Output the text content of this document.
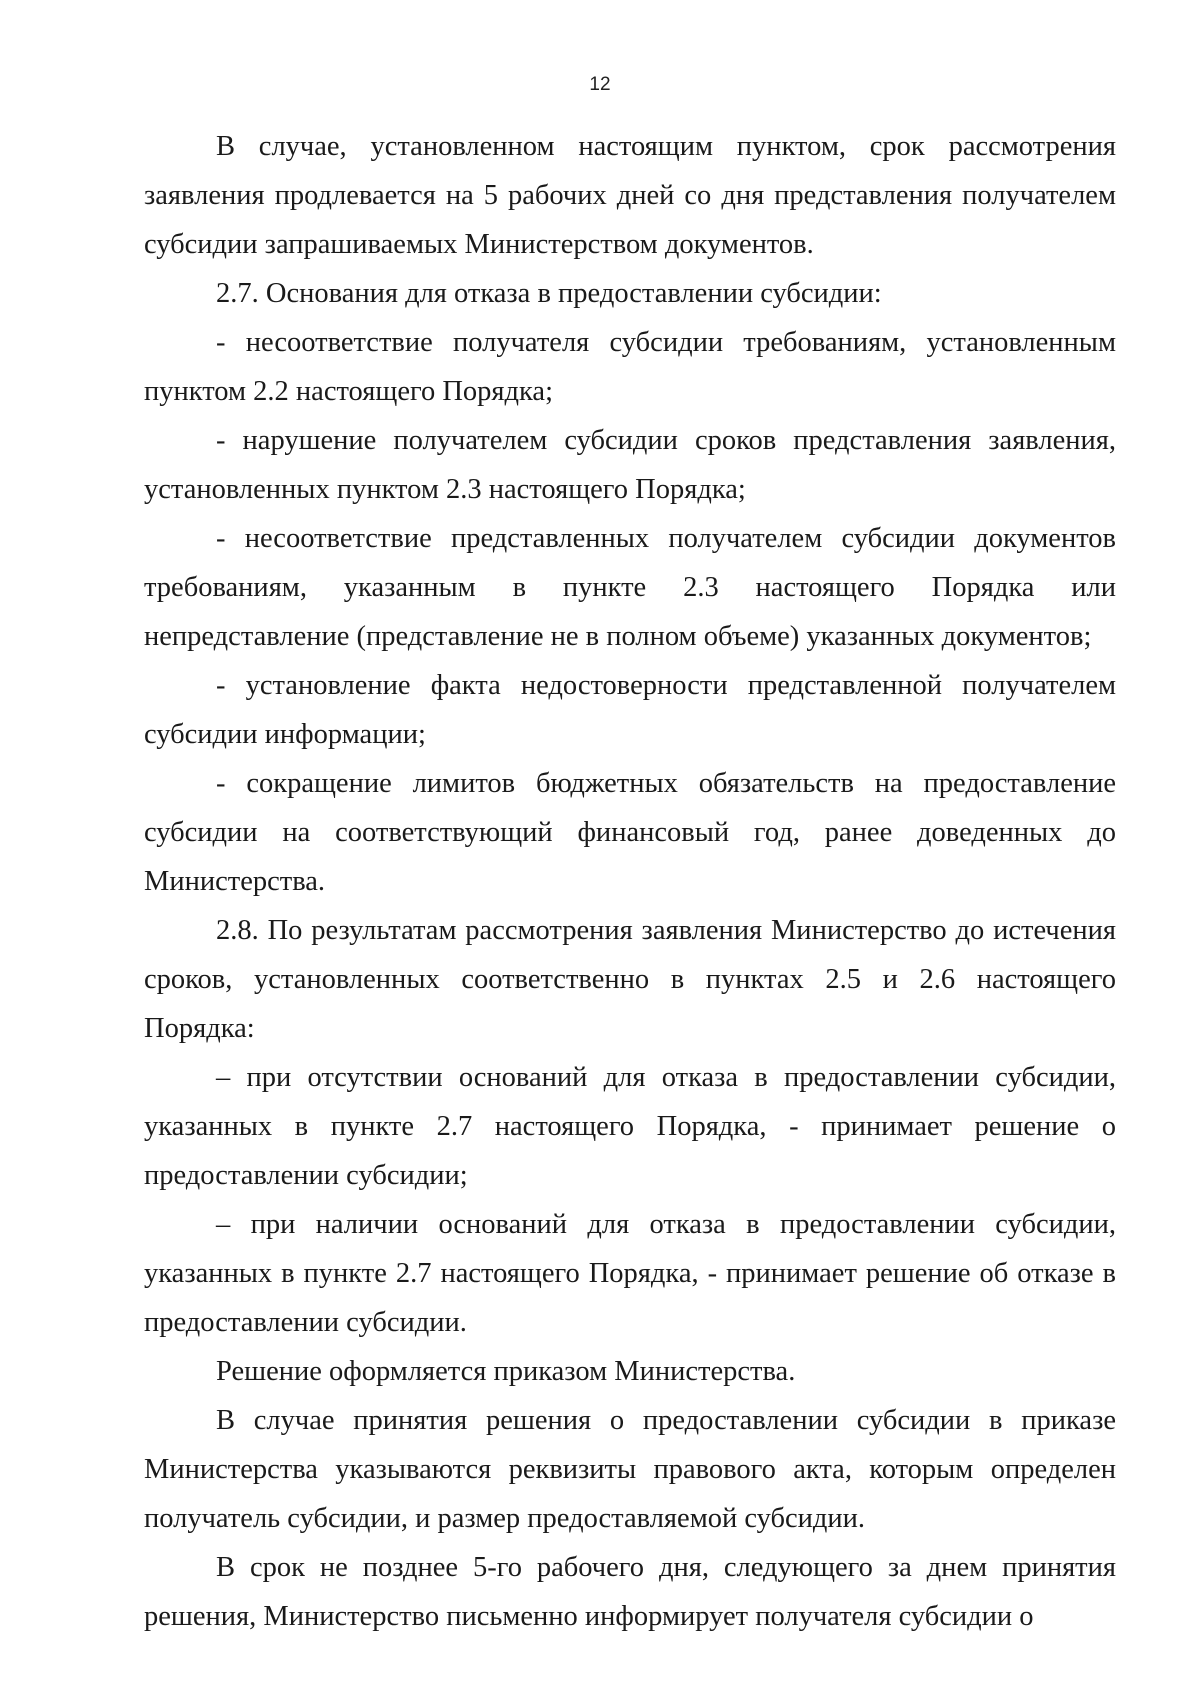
12

В случае, установленном настоящим пунктом, срок рассмотрения заявления продлевается на 5 рабочих дней со дня представления получателем субсидии запрашиваемых Министерством документов.

2.7. Основания для отказа в предоставлении субсидии:

- несоответствие получателя субсидии требованиям, установленным пунктом 2.2 настоящего Порядка;

- нарушение получателем субсидии сроков представления заявления, установленных пунктом 2.3 настоящего Порядка;

- несоответствие представленных получателем субсидии документов требованиям, указанным в пункте 2.3 настоящего Порядка или непредставление (представление не в полном объеме) указанных документов;

- установление факта недостоверности представленной получателем субсидии информации;

- сокращение лимитов бюджетных обязательств на предоставление субсидии на соответствующий финансовый год, ранее доведенных до Министерства.

2.8. По результатам рассмотрения заявления Министерство до истечения сроков, установленных соответственно в пунктах 2.5 и 2.6 настоящего Порядка:

– при отсутствии оснований для отказа в предоставлении субсидии, указанных в пункте 2.7 настоящего Порядка, - принимает решение о предоставлении субсидии;

– при наличии оснований для отказа в предоставлении субсидии, указанных в пункте 2.7 настоящего Порядка, - принимает решение об отказе в предоставлении субсидии.

Решение оформляется приказом Министерства.

В случае принятия решения о предоставлении субсидии в приказе Министерства указываются реквизиты правового акта, которым определен получатель субсидии, и размер предоставляемой субсидии.

В срок не позднее 5-го рабочего дня, следующего за днем принятия решения, Министерство письменно информирует получателя субсидии о
